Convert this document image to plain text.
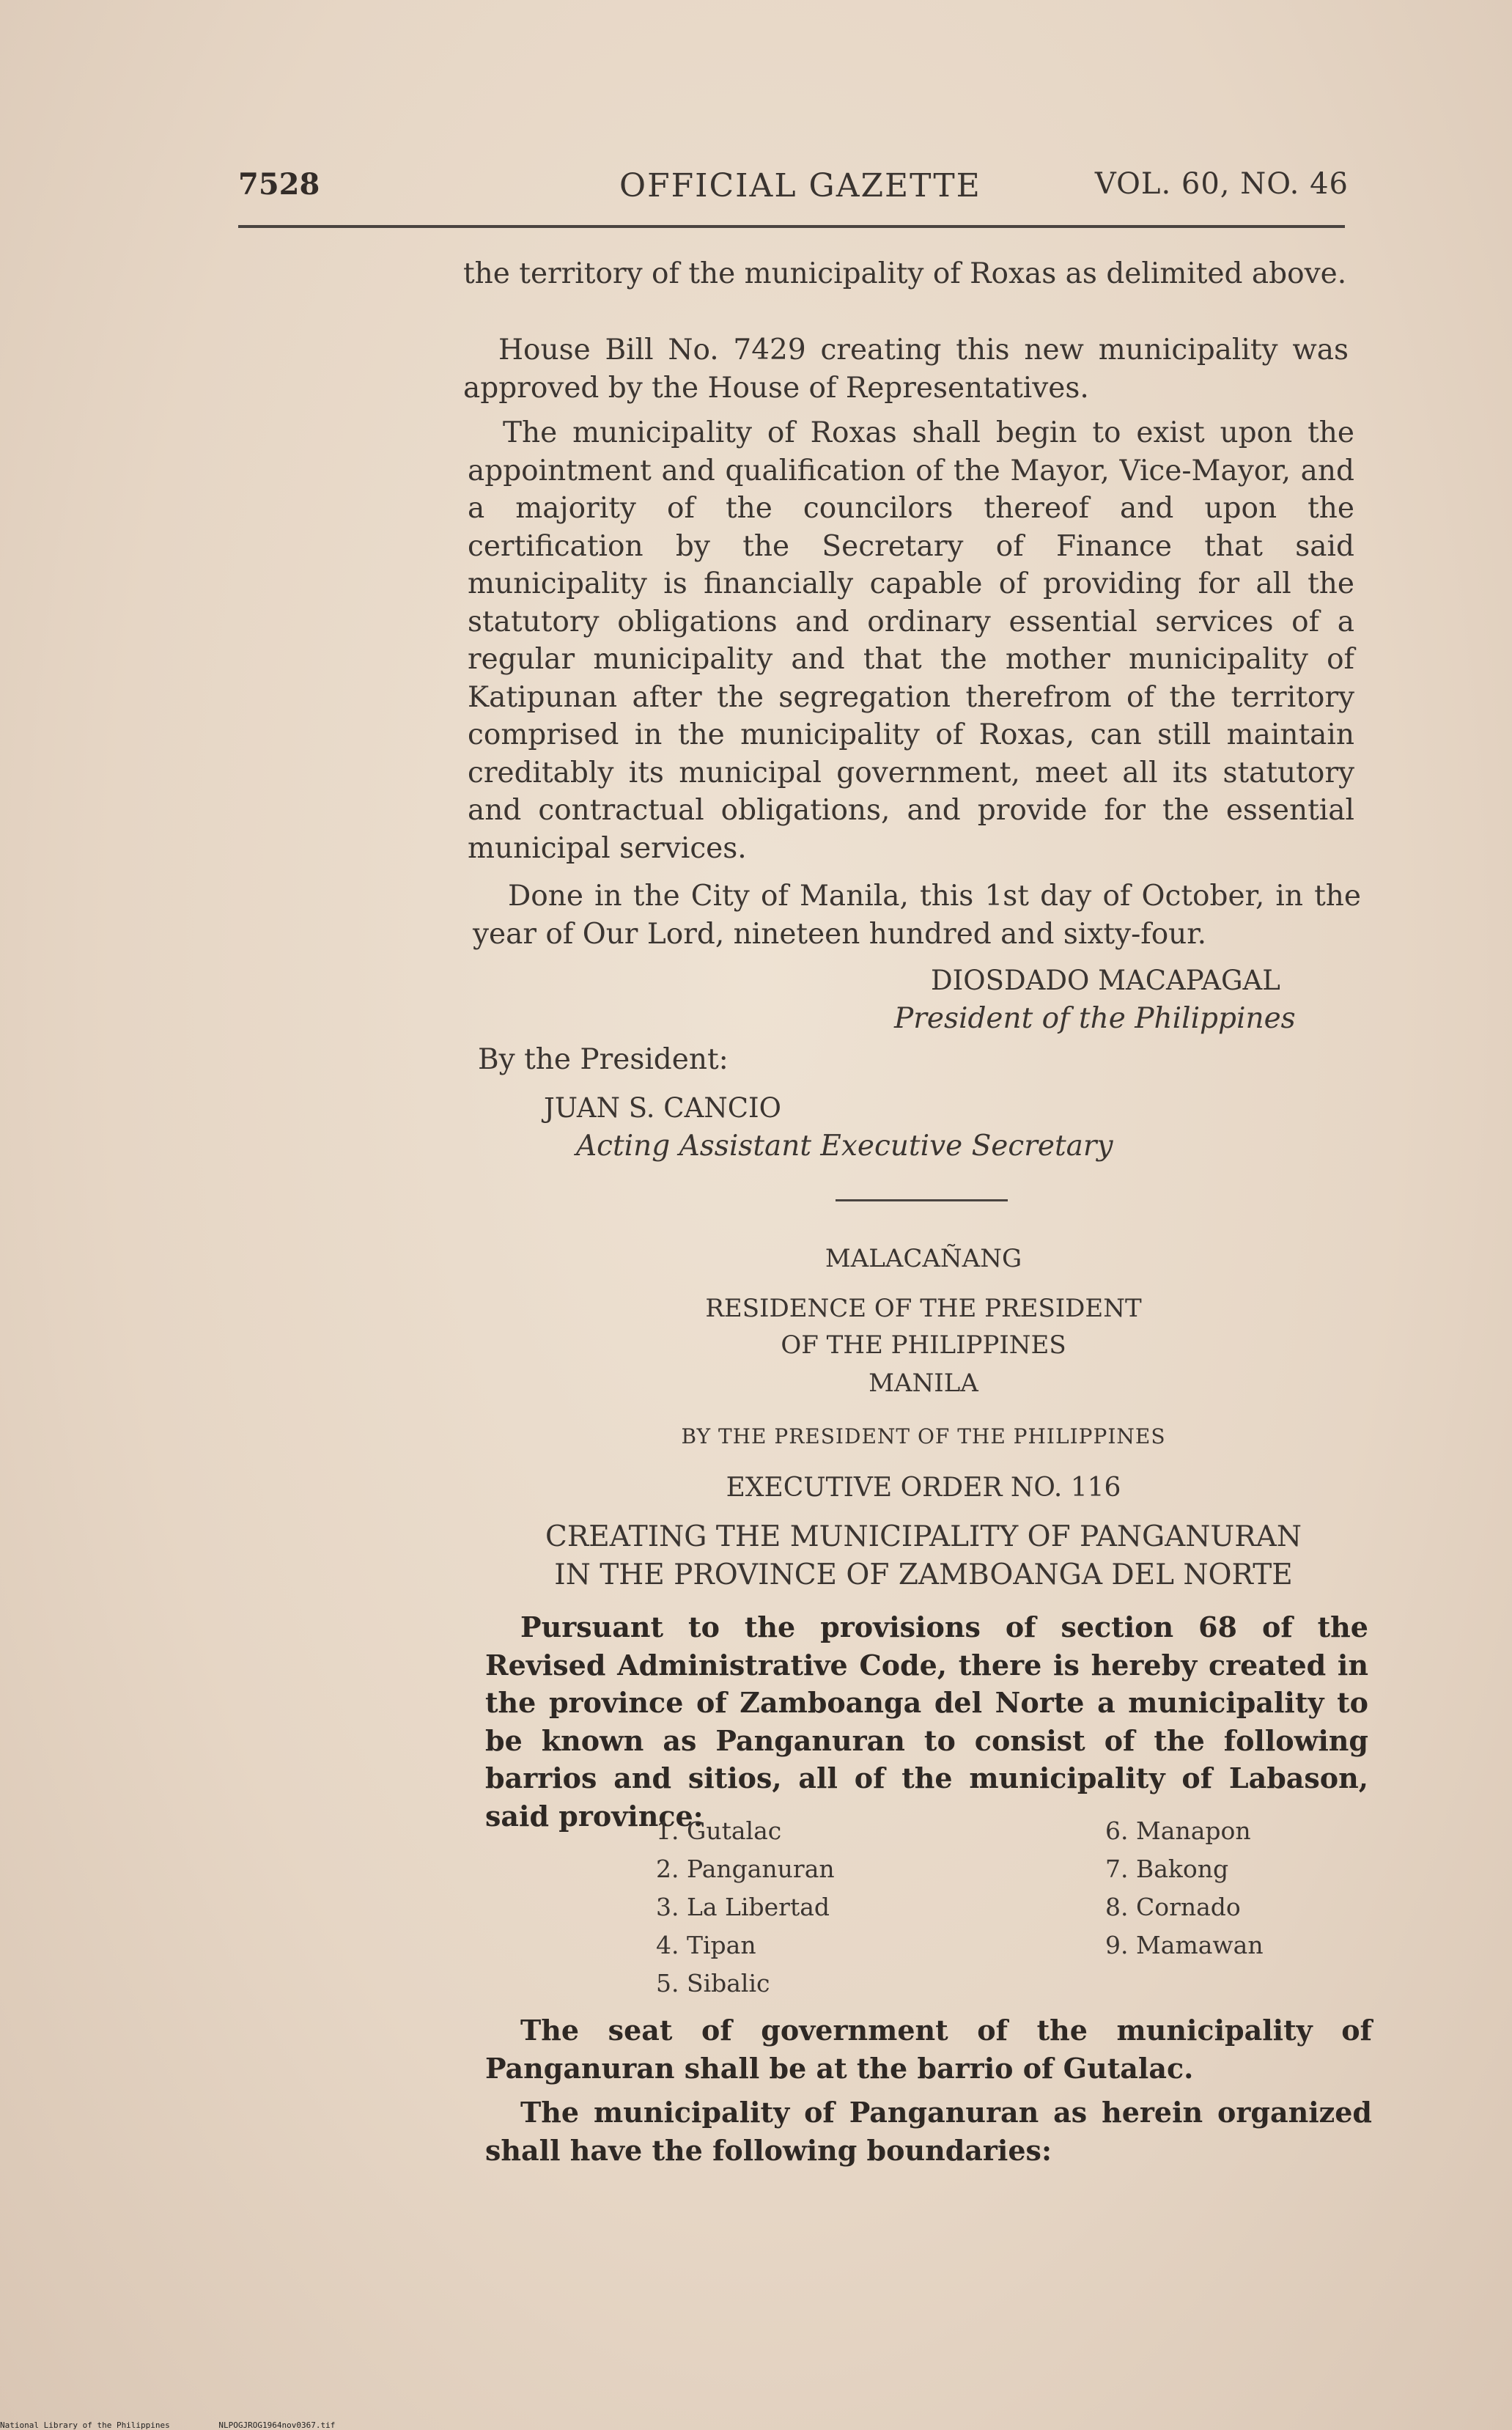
7528	OFFICIAL GAZETTE	VOL. 60, NO. 46
the territory of the municipality of Roxas as delimited above.
House Bill No. 7429 creating this new municipality was approved by the House of Representatives.
The municipality of Roxas shall begin to exist upon the appointment and qualification of the Mayor, Vice-Mayor, and a majority of the councilors thereof and upon the certification by the Secretary of Finance that said municipality is financially capable of providing for all the statutory obligations and ordinary essential services of a regular municipality and that the mother municipality of Katipunan after the segregation therefrom of the territory comprised in the municipality of Roxas, can still maintain creditably its municipal government, meet all its statutory and contractual obligations, and provide for the essential municipal services.
Done in the City of Manila, this 1st day of October, in the year of Our Lord, nineteen hundred and sixty-four.
DIOSDADO MACAPAGAL
President of the Philippines
By the President:
JUAN S. CANCIO
Acting Assistant Executive Secretary
MALACAÑANG
RESIDENCE OF THE PRESIDENT
OF THE PHILIPPINES
MANILA
BY THE PRESIDENT OF THE PHILIPPINES
EXECUTIVE ORDER NO. 116
CREATING THE MUNICIPALITY OF PANGANURAN
IN THE PROVINCE OF ZAMBOANGA DEL NORTE
Pursuant to the provisions of section 68 of the Revised Administrative Code, there is hereby created in the province of Zamboanga del Norte a municipality to be known as Panganuran to consist of the following barrios and sitios, all of the municipality of Labason, said province:
1. Gutalac
2. Panganuran
3. La Libertad
4. Tipan
5. Sibalic
6. Manapon
7. Bakong
8. Cornado
9. Mamawan
The seat of government of the municipality of Panganuran shall be at the barrio of Gutalac.
The municipality of Panganuran as herein organized shall have the following boundaries:
National Library of the Philippines	NLPOGJROG1964nov0367.tif
